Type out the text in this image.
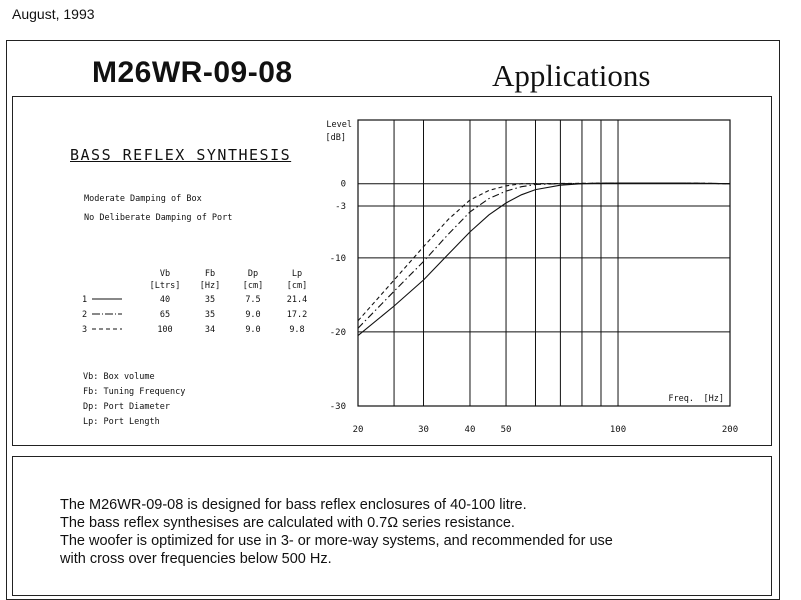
August, 1993
M26WR-09-08	Applications
BASS REFLEX SYNTHESIS
Moderate Damping of Box
No Deliberate Damping of Port
	Vb	Fb	Dp	Lp
	[Ltrs]	[Hz]	[cm]	[cm]
1	40	35	7.5	21.4
2	65	35	9.0	17.2
3	100	34	9.0	9.8
Vb: Box volume
Fb: Tuning Frequency
Dp: Port Diameter
Lp: Port Length
0
-3
-10
-20
-30
20	30	40	50	100	200
Level
[dB]
Freq. [Hz]
The M26WR-09-08 is designed for bass reflex enclosures of 40-100 litre.
The bass reflex synthesises are calculated with 0.7Ω series resistance.
The woofer is optimized for use in 3- or more-way systems, and recommended for use
with cross over frequencies below 500 Hz.
